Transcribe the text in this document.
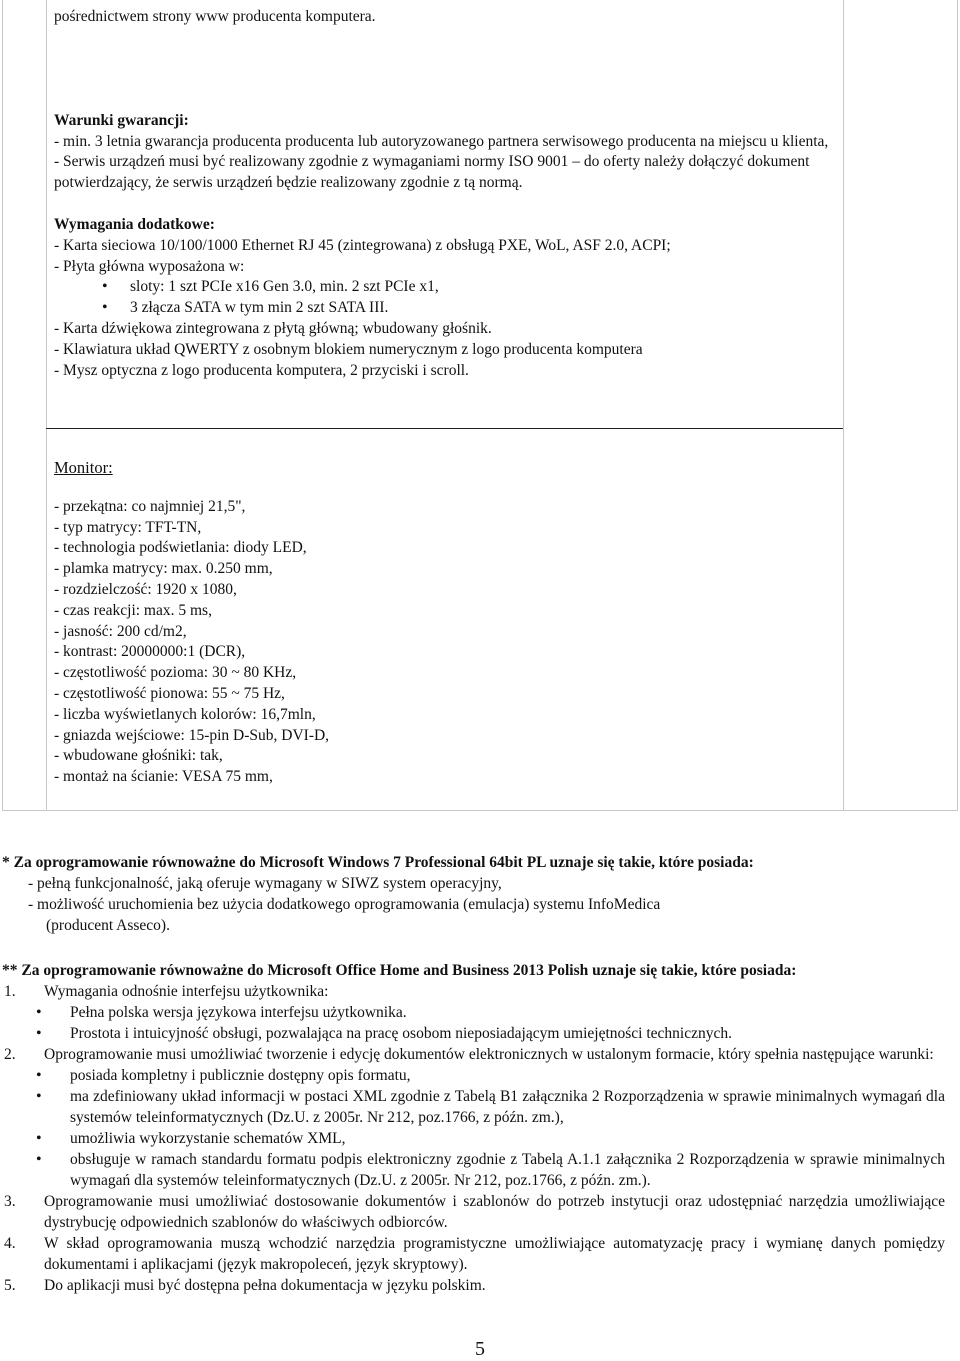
pośrednictwem strony www producenta komputera.

Warunki gwarancji:

- min. 3 letnia gwarancja producenta producenta lub autoryzowanego partnera serwisowego producenta na miejscu u klienta,

- Serwis urządzeń musi być realizowany zgodnie z wymaganiami normy ISO 9001 – do oferty należy dołączyć dokument potwierdzający, że serwis urządzeń będzie realizowany zgodnie z tą normą.

Wymagania dodatkowe:

- Karta sieciowa 10/100/1000 Ethernet RJ 45 (zintegrowana) z obsługą PXE, WoL, ASF 2.0, ACPI;

- Płyta główna wyposażona w:

• sloty: 1 szt PCIe x16 Gen 3.0, min. 2 szt PCIe x1,
• 3 złącza SATA w tym min 2 szt SATA III.

- Karta dźwiękowa zintegrowana z płytą główną; wbudowany głośnik.

- Klawiatura układ QWERTY z osobnym blokiem numerycznym z logo producenta komputera

- Mysz optyczna z logo producenta komputera, 2 przyciski i scroll.

Monitor:

- przekątna: co najmniej 21,5",

- typ matrycy: TFT-TN,

- technologia podświetlania: diody LED,

- plamka matrycy: max. 0.250 mm,

- rozdzielczość: 1920 x 1080,

- czas reakcji: max. 5 ms,

- jasność: 200 cd/m2,

- kontrast: 20000000:1 (DCR),

- częstotliwość pozioma: 30 ~ 80 KHz,

- częstotliwość pionowa: 55 ~ 75 Hz,

- liczba wyświetlanych kolorów: 16,7mln,

- gniazda wejściowe: 15-pin D-Sub, DVI-D,

- wbudowane głośniki: tak,

- montaż na ścianie: VESA 75 mm,

* Za oprogramowanie równoważne do Microsoft Windows 7 Professional 64bit PL uznaje się takie, które posiada:

- pełną funkcjonalność, jaką oferuje wymagany w SIWZ system operacyjny,

- możliwość uruchomienia bez użycia dodatkowego oprogramowania (emulacja) systemu InfoMedica

(producent Asseco).

** Za oprogramowanie równoważne do Microsoft Office Home and Business 2013 Polish uznaje się takie, które posiada:

1. Wymagania odnośnie interfejsu użytkownika:
• Pełna polska wersja językowa interfejsu użytkownika.
• Prostota i intuicyjność obsługi, pozwalająca na pracę osobom nieposiadającym umiejętności technicznych.
2. Oprogramowanie musi umożliwiać tworzenie i edycję dokumentów elektronicznych w ustalonym formacie, który spełnia następujące warunki:
• posiada kompletny i publicznie dostępny opis formatu,
• ma zdefiniowany układ informacji w postaci XML zgodnie z Tabelą B1 załącznika 2 Rozporządzenia w sprawie minimalnych wymagań dla systemów teleinformatycznych (Dz.U. z 2005r. Nr 212, poz.1766, z późn. zm.),
• umożliwia wykorzystanie schematów XML,
• obsługuje w ramach standardu formatu podpis elektroniczny zgodnie z Tabelą A.1.1 załącznika 2 Rozporządzenia w sprawie minimalnych wymagań dla systemów teleinformatycznych (Dz.U. z 2005r. Nr 212, poz.1766, z późn. zm.).
3. Oprogramowanie musi umożliwiać dostosowanie dokumentów i szablonów do potrzeb instytucji oraz udostępniać narzędzia umożliwiające dystrybucję odpowiednich szablonów do właściwych odbiorców.
4. W skład oprogramowania muszą wchodzić narzędzia programistyczne umożliwiające automatyzację pracy i wymianę danych pomiędzy dokumentami i aplikacjami (język makropoleceń, język skryptowy).
5. Do aplikacji musi być dostępna pełna dokumentacja w języku polskim.
5
